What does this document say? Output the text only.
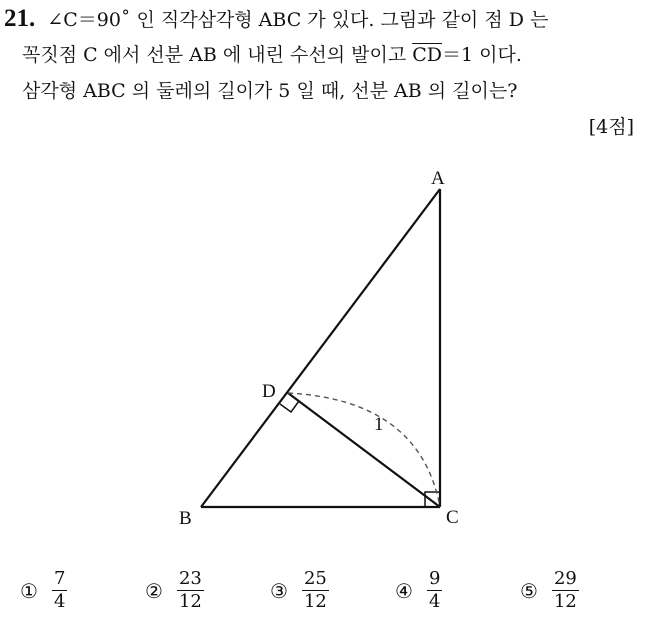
21. ∠C＝90˚ 인 직각삼각형 ABC 가 있다. 그림과 같이 점 D 는
꼭짓점 C 에서 선분 AB 에 내린 수선의 발이고 $\overline{CD}=1$ 이다.
삼각형 ABC 의 둘레의 길이가 5 일 때, 선분 AB 의 길이는?
[4점]
A
B	C
D
1
① $\frac{7}{4}$	② $\frac{23}{12}$	③ $\frac{25}{12}$	④ $\frac{9}{4}$	⑤ $\frac{29}{12}$
